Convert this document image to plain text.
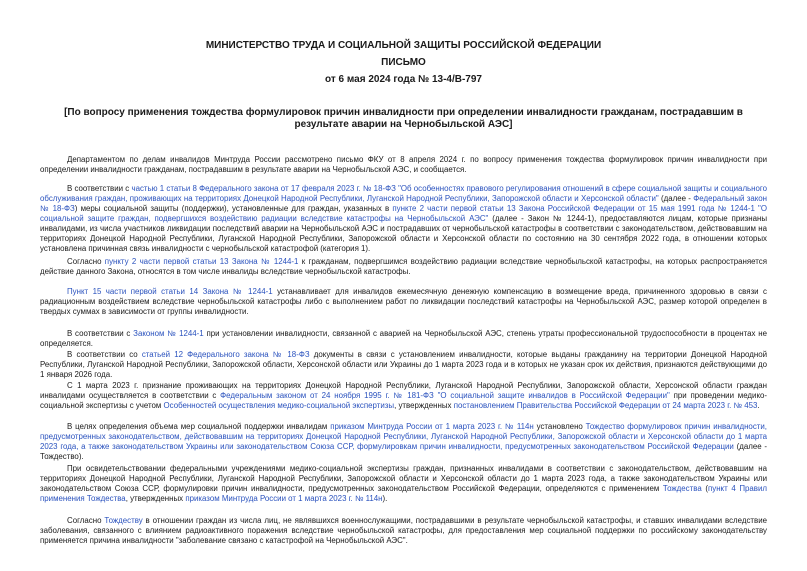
МИНИСТЕРСТВО ТРУДА И СОЦИАЛЬНОЙ ЗАЩИТЫ РОССИЙСКОЙ ФЕДЕРАЦИИ
ПИСЬМО
от 6 мая 2024 года № 13-4/В-797
[По вопросу применения тождества формулировок причин инвалидности при определении инвалидности гражданам, пострадавшим в результате аварии на Чернобыльской АЭС]

Департаментом по делам инвалидов Минтруда России рассмотрено письмо ФКУ от 8 апреля 2024 г. по вопросу применения тождества формулировок причин инвалидности при определении инвалидности гражданам, пострадавшим в результате аварии на Чернобыльской АЭС, и сообщается.

В соответствии с частью 1 статьи 8 Федерального закона от 17 февраля 2023 г. № 18-ФЗ "Об особенностях правового регулирования отношений в сфере социальной защиты и социального обслуживания граждан, проживающих на территориях Донецкой Народной Республики, Луганской Народной Республики, Запорожской области и Херсонской области" (далее - Федеральный закон № 18-ФЗ) меры социальной защиты (поддержки), установленные для граждан, указанных в пункте 2 части первой статьи 13 Закона Российской Федерации от 15 мая 1991 года № 1244-1 "О социальной защите граждан, подвергшихся воздействию радиации вследствие катастрофы на Чернобыльской АЭС" (далее - Закон № 1244-1), предоставляются лицам, которые признаны инвалидами, из числа участников ликвидации последствий аварии на Чернобыльской АЭС и пострадавших от чернобыльской катастрофы в соответствии с законодательством, действовавшим на территориях Донецкой Народной Республики, Луганской Народной Республики, Запорожской области и Херсонской области по состоянию на 30 сентября 2022 года, в отношении которых установлена причинная связь инвалидности с чернобыльской катастрофой (категория 1).

Согласно пункту 2 части первой статьи 13 Закона № 1244-1 к гражданам, подвергшимся воздействию радиации вследствие чернобыльской катастрофы, на которых распространяется действие данного Закона, относятся в том числе инвалиды вследствие чернобыльской катастрофы.

Пункт 15 части первой статьи 14 Закона № 1244-1 устанавливает для инвалидов ежемесячную денежную компенсацию в возмещение вреда, причиненного здоровью в связи с радиационным воздействием вследствие чернобыльской катастрофы либо с выполнением работ по ликвидации последствий катастрофы на Чернобыльской АЭС, размер которой определен в твердых суммах в зависимости от группы инвалидности.

В соответствии с Законом № 1244-1 при установлении инвалидности, связанной с аварией на Чернобыльской АЭС, степень утраты профессиональной трудоспособности в процентах не определяется.

В соответствии со статьей 12 Федерального закона № 18-ФЗ документы в связи с установлением инвалидности, которые выданы гражданину на территории Донецкой Народной Республики, Луганской Народной Республики, Запорожской области, Херсонской области или Украины до 1 марта 2023 года и в которых не указан срок их действия, признаются действующими до 1 января 2026 года.

С 1 марта 2023 г. признание проживающих на территориях Донецкой Народной Республики, Луганской Народной Республики, Запорожской области, Херсонской области граждан инвалидами осуществляется в соответствии с Федеральным законом от 24 ноября 1995 г. № 181-ФЗ "О социальной защите инвалидов в Российской Федерации" при проведении медико-социальной экспертизы с учетом Особенностей осуществления медико-социальной экспертизы, утвержденных постановлением Правительства Российской Федерации от 24 марта 2023 г. № 453.

В целях определения объема мер социальной поддержки инвалидам приказом Минтруда России от 1 марта 2023 г. № 114н установлено Тождество формулировок причин инвалидности, предусмотренных законодательством, действовавшим на территориях Донецкой Народной Республики, Луганской Народной Республики, Запорожской области и Херсонской области до 1 марта 2023 года, а также законодательством Украины или законодательством Союза ССР, формулировкам причин инвалидности, предусмотренных законодательством Российской Федерации (далее - Тождество).

При освидетельствовании федеральными учреждениями медико-социальной экспертизы граждан, признанных инвалидами в соответствии с законодательством, действовавшим на территориях Донецкой Народной Республики, Луганской Народной Республики, Запорожской области и Херсонской области до 1 марта 2023 года, а также законодательством Украины или законодательством Союза ССР, формулировки причин инвалидности, предусмотренных законодательством Российской Федерации, определяются с применением Тождества (пункт 4 Правил применения Тождества, утвержденных приказом Минтруда России от 1 марта 2023 г. № 114н).

Согласно Тождеству в отношении граждан из числа лиц, не являвшихся военнослужащими, пострадавшими в результате чернобыльской катастрофы, и ставших инвалидами вследствие заболевания, связанного с влиянием радиоактивного поражения вследствие чернобыльской катастрофы, для предоставления мер социальной поддержки по российскому законодательству применяется причина инвалидности "заболевание связано с катастрофой на Чернобыльской АЭС".
